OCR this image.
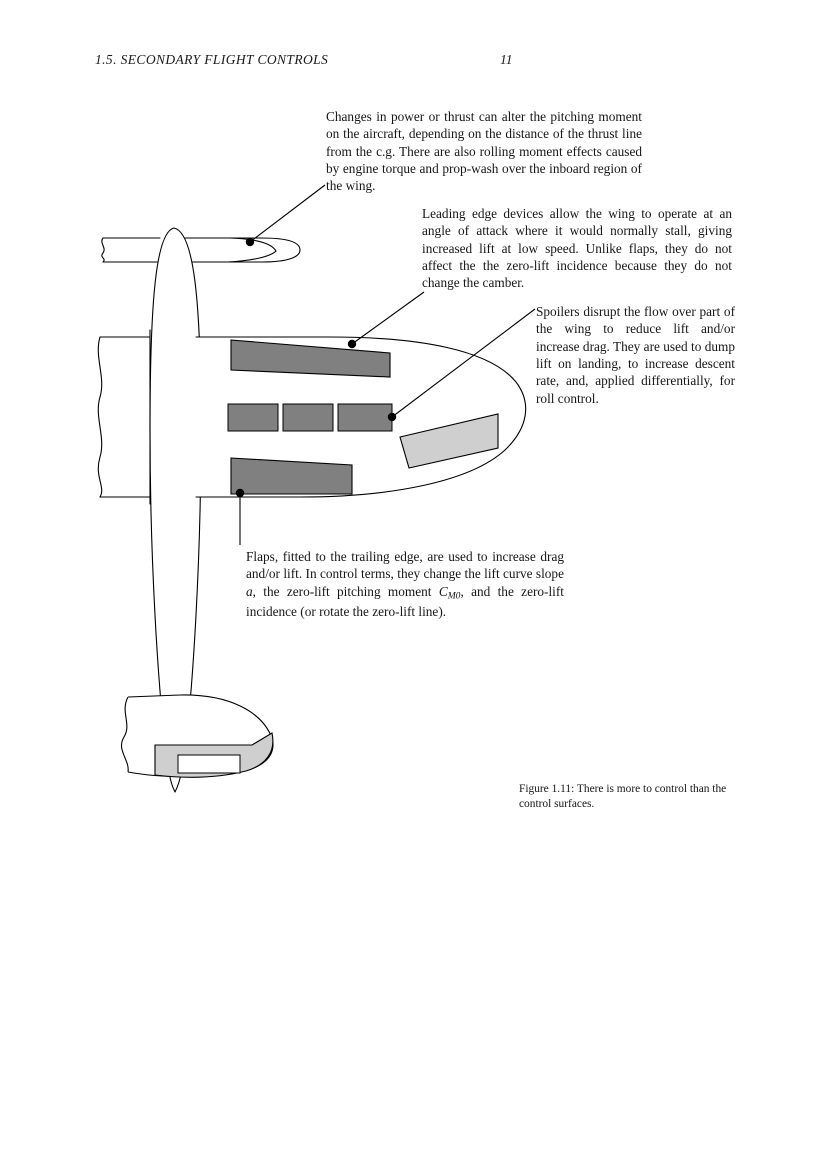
1.5. SECONDARY FLIGHT CONTROLS	11
Changes in power or thrust can alter the pitching moment on the aircraft, depending on the distance of the thrust line from the c.g. There are also rolling moment effects caused by engine torque and prop-wash over the inboard region of the wing.
Leading edge devices allow the wing to operate at an angle of attack where it would normally stall, giving increased lift at low speed. Unlike flaps, they do not affect the the zero-lift incidence because they do not change the camber.
Spoilers disrupt the flow over part of the wing to reduce lift and/or increase drag. They are used to dump lift on landing, to increase descent rate, and, applied differentially, for roll control.
Flaps, fitted to the trailing edge, are used to increase drag and/or lift. In control terms, they change the lift curve slope a, the zero-lift pitching moment $C_{M0}$, and the zero-lift incidence (or rotate the zero-lift line).
Figure 1.11: There is more to control than the control surfaces.
